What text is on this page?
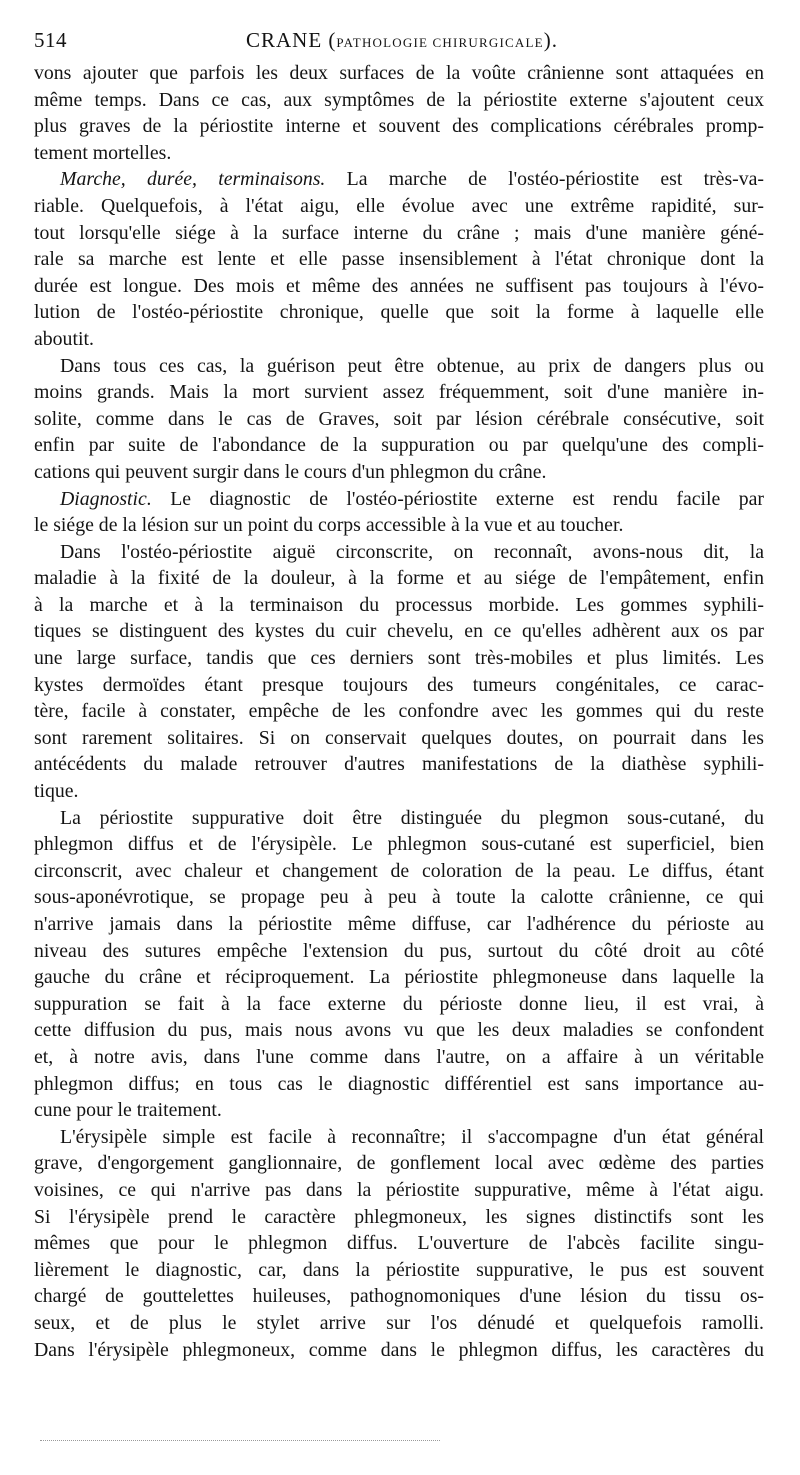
514	CRANE (PATHOLOGIE CHIRURGICALE).
vons ajouter que parfois les deux surfaces de la voûte crânienne sont attaquées en
même temps. Dans ce cas, aux symptômes de la périostite externe s'ajoutent ceux
plus graves de la périostite interne et souvent des complications cérébrales promp-
tement mortelles.
Marche, durée, terminaisons. La marche de l'ostéo-périostite est très-va-
riable. Quelquefois, à l'état aigu, elle évolue avec une extrême rapidité, sur-
tout lorsqu'elle siége à la surface interne du crâne ; mais d'une manière géné-
rale sa marche est lente et elle passe insensiblement à l'état chronique dont la
durée est longue. Des mois et même des années ne suffisent pas toujours à l'évo-
lution de l'ostéo-périostite chronique, quelle que soit la forme à laquelle elle
aboutit.
Dans tous ces cas, la guérison peut être obtenue, au prix de dangers plus ou
moins grands. Mais la mort survient assez fréquemment, soit d'une manière in-
solite, comme dans le cas de Graves, soit par lésion cérébrale consécutive, soit
enfin par suite de l'abondance de la suppuration ou par quelqu'une des compli-
cations qui peuvent surgir dans le cours d'un phlegmon du crâne.
Diagnostic. Le diagnostic de l'ostéo-périostite externe est rendu facile par
le siége de la lésion sur un point du corps accessible à la vue et au toucher.
Dans l'ostéo-périostite aiguë circonscrite, on reconnaît, avons-nous dit, la
maladie à la fixité de la douleur, à la forme et au siége de l'empâtement, enfin
à la marche et à la terminaison du processus morbide. Les gommes syphili-
tiques se distinguent des kystes du cuir chevelu, en ce qu'elles adhèrent aux os par
une large surface, tandis que ces derniers sont très-mobiles et plus limités. Les
kystes dermoïdes étant presque toujours des tumeurs congénitales, ce carac-
tère, facile à constater, empêche de les confondre avec les gommes qui du reste
sont rarement solitaires. Si on conservait quelques doutes, on pourrait dans les
antécédents du malade retrouver d'autres manifestations de la diathèse syphili-
tique.
La périostite suppurative doit être distinguée du plegmon sous-cutané, du
phlegmon diffus et de l'érysipèle. Le phlegmon sous-cutané est superficiel, bien
circonscrit, avec chaleur et changement de coloration de la peau. Le diffus, étant
sous-aponévrotique, se propage peu à peu à toute la calotte crânienne, ce qui
n'arrive jamais dans la périostite même diffuse, car l'adhérence du périoste au
niveau des sutures empêche l'extension du pus, surtout du côté droit au côté
gauche du crâne et réciproquement. La périostite phlegmoneuse dans laquelle la
suppuration se fait à la face externe du périoste donne lieu, il est vrai, à
cette diffusion du pus, mais nous avons vu que les deux maladies se confondent
et, à notre avis, dans l'une comme dans l'autre, on a affaire à un véritable
phlegmon diffus; en tous cas le diagnostic différentiel est sans importance au-
cune pour le traitement.
L'érysipèle simple est facile à reconnaître; il s'accompagne d'un état général
grave, d'engorgement ganglionnaire, de gonflement local avec œdème des parties
voisines, ce qui n'arrive pas dans la périostite suppurative, même à l'état aigu.
Si l'érysipèle prend le caractère phlegmoneux, les signes distinctifs sont les
mêmes que pour le phlegmon diffus. L'ouverture de l'abcès facilite singu-
lièrement le diagnostic, car, dans la périostite suppurative, le pus est souvent
chargé de gouttelettes huileuses, pathognomoniques d'une lésion du tissu os-
seux, et de plus le stylet arrive sur l'os dénudé et quelquefois ramolli.
Dans l'érysipèle phlegmoneux, comme dans le phlegmon diffus, les caractères du
